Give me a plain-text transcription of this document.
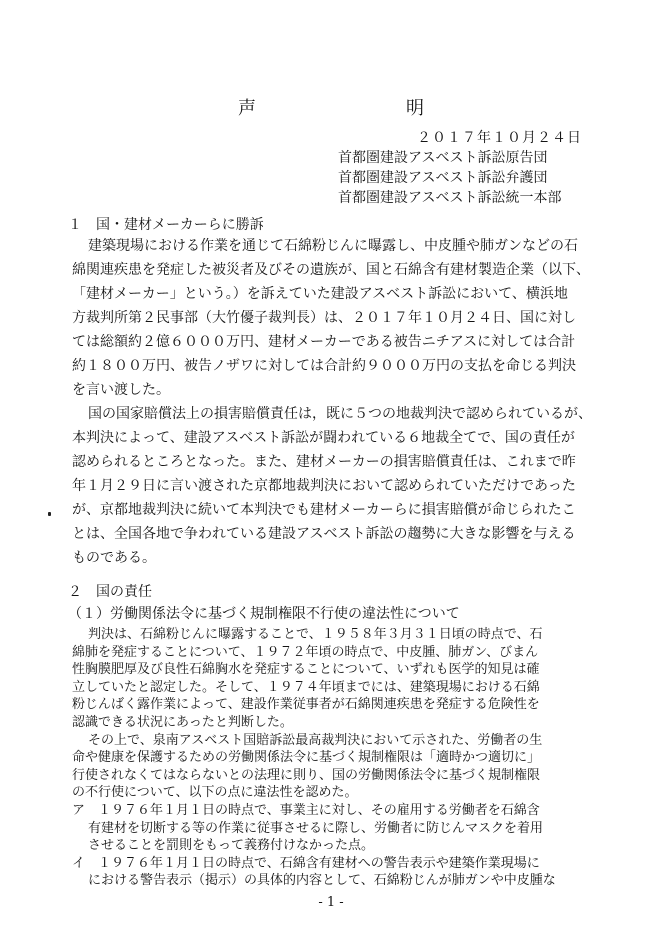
声　明
２０１７年１０月２４日
首都圏建設アスベスト訴訟原告団
首都圏建設アスベスト訴訟弁護団
首都圏建設アスベスト訴訟統一本部
１　国・建材メーカーらに勝訴
建築現場における作業を通じて石綿粉じんに曝露し、中皮腫や肺ガンなどの石
綿関連疾患を発症した被災者及びその遺族が、国と石綿含有建材製造企業（以下、
「建材メーカー」という。）を訴えていた建設アスベスト訴訟において、横浜地
方裁判所第２民事部（大竹優子裁判長）は、２０１７年１０月２４日、国に対し
ては総額約２億６０００万円、建材メーカーである被告ニチアスに対しては合計
約１８００万円、被告ノザワに対しては合計約９０００万円の支払を命じる判決
を言い渡した。
国の国家賠償法上の損害賠償責任は，既に５つの地裁判決で認められているが、
本判決によって、建設アスベスト訴訟が闘われている６地裁全てで、国の責任が
認められるところとなった。また、建材メーカーの損害賠償責任は、これまで昨
年１月２９日に言い渡された京都地裁判決において認められていただけであった
が、京都地裁判決に続いて本判決でも建材メーカーらに損害賠償が命じられたこ
とは、全国各地で争われている建設アスベスト訴訟の趨勢に大きな影響を与える
ものである。
２　国の責任
（１）労働関係法令に基づく規制権限不行使の違法性について
- 1 -
判決は、石綿粉じんに曝露することで、１９５８年３月３１日頃の時点で、石
綿肺を発症することについて、１９７２年頃の時点で、中皮腫、肺ガン、びまん
性胸膜肥厚及び良性石綿胸水を発症することについて、いずれも医学的知見は確
立していたと認定した。そして、１９７４年頃までには、建築現場における石綿
粉じんばく露作業によって、建設作業従事者が石綿関連疾患を発症する危険性を
認識できる状況にあったと判断した。
その上で、泉南アスベスト国賠訴訟最高裁判決において示された、労働者の生
命や健康を保護するための労働関係法令に基づく規制権限は「適時かつ適切に」
行使されなくてはならないとの法理に則り、国の労働関係法令に基づく規制権限
の不行使について、以下の点に違法性を認めた。
ア　１９７６年１月１日の時点で、事業主に対し、その雇用する労働者を石綿含
有建材を切断する等の作業に従事させるに際し、労働者に防じんマスクを着用
させることを罰則をもって義務付けなかった点。
イ　１９７６年１月１日の時点で、石綿含有建材への警告表示や建築作業現場に
における警告表示（掲示）の具体的内容として、石綿粉じんが肺ガンや中皮腫な
